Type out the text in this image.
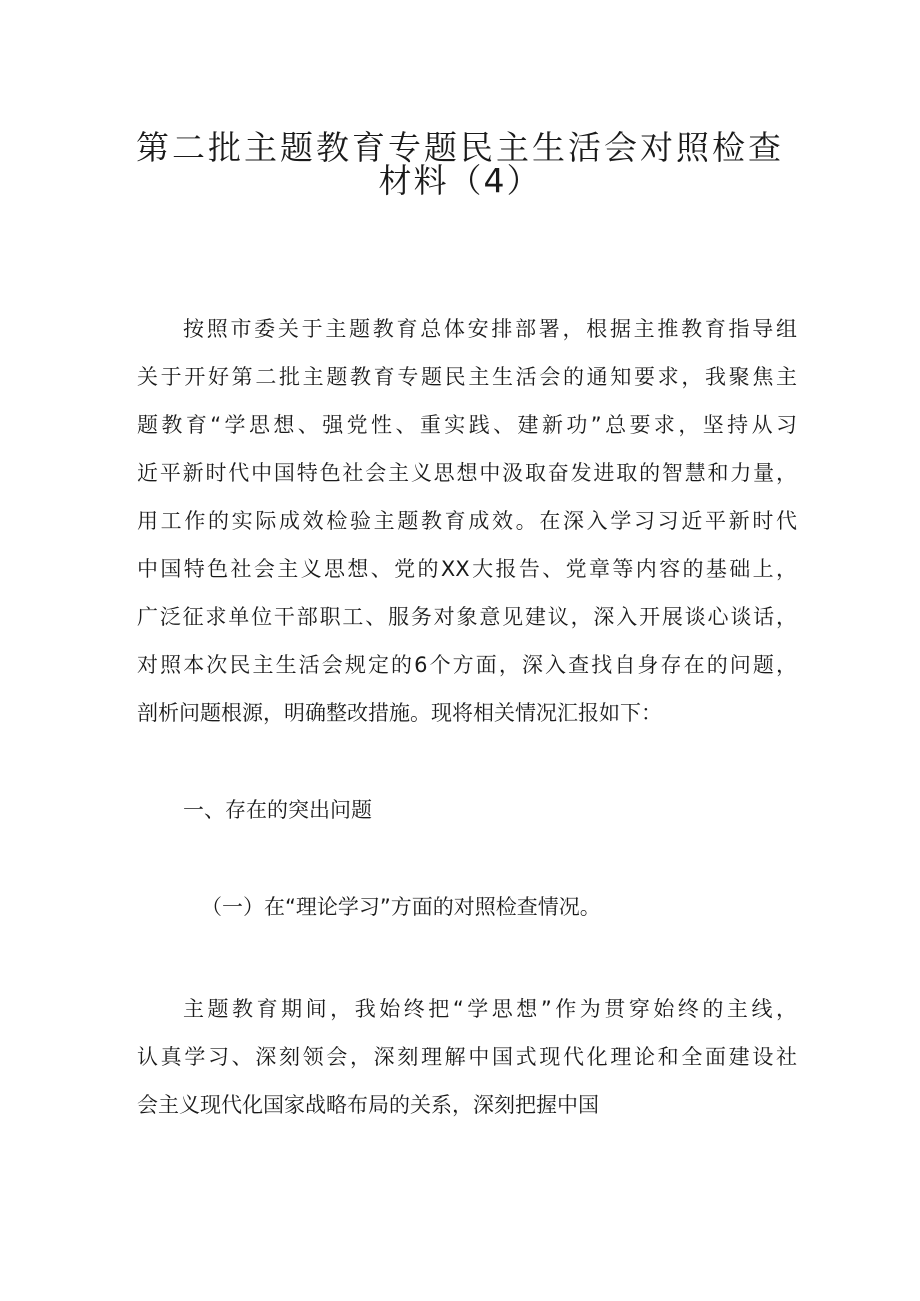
第二批主题教育专题民主生活会对照检查
材料（4）
按照市委关于主题教育总体安排部署，根据主推教育指导组
关于开好第二批主题教育专题民主生活会的通知要求，我聚焦主
题教育“学思想、强党性、重实践、建新功”总要求，坚持从习
近平新时代中国特色社会主义思想中汲取奋发进取的智慧和力量，
用工作的实际成效检验主题教育成效。在深入学习习近平新时代
中国特色社会主义思想、党的XX大报告、党章等内容的基础上，
广泛征求单位干部职工、服务对象意见建议，深入开展谈心谈话，
对照本次民主生活会规定的6个方面，深入查找自身存在的问题，
剖析问题根源，明确整改措施。现将相关情况汇报如下：
一、存在的突出问题
（一）在“理论学习”方面的对照检查情况。
主题教育期间，我始终把“学思想”作为贯穿始终的主线，
认真学习、深刻领会，深刻理解中国式现代化理论和全面建设社
会主义现代化国家战略布局的关系，深刻把握中国
